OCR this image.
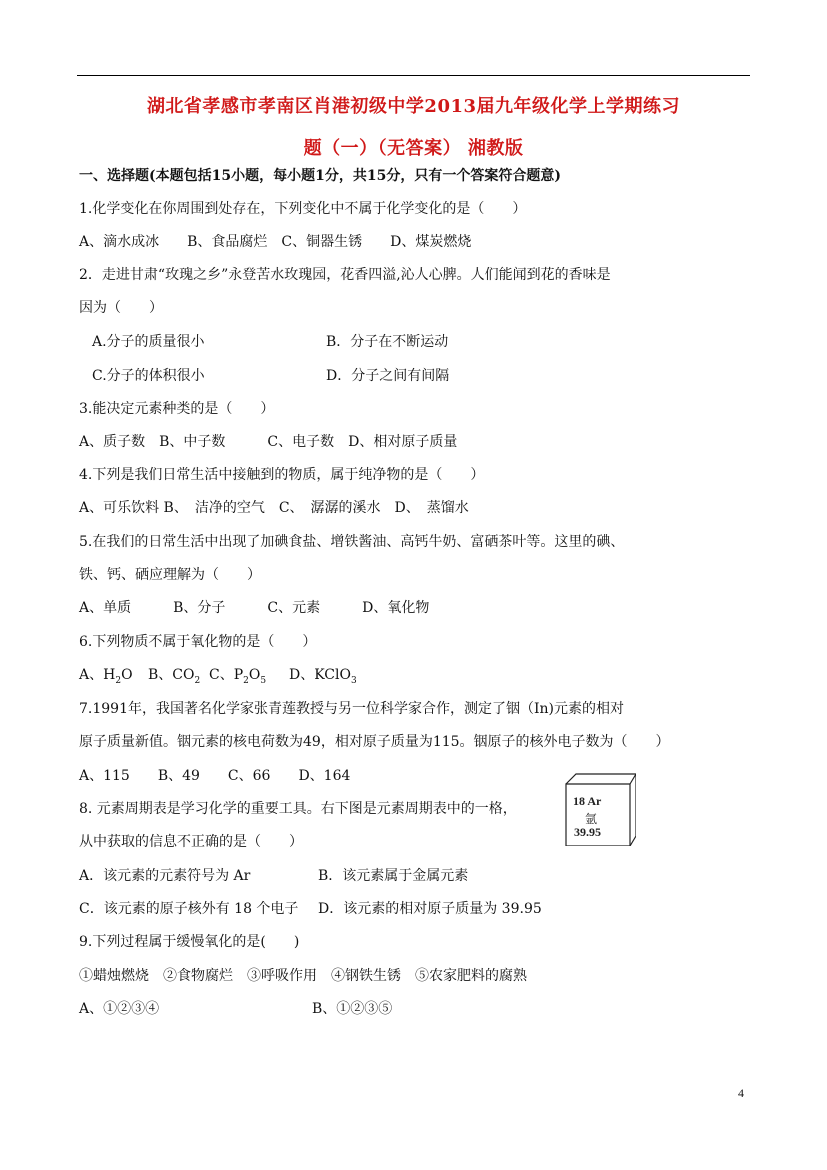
湖北省孝感市孝南区肖港初级中学2013届九年级化学上学期练习
题（一）（无答案） 湘教版
一、选择题(本题包括15小题，每小题1分，共15分，只有一个答案符合题意)
1.化学变化在你周围到处存在，下列变化中不属于化学变化的是（　　）
A、滴水成冰　　B、食品腐烂　C、铜器生锈　　D、煤炭燃烧
2．走进甘肃“玫瑰之乡”永登苦水玫瑰园，花香四溢,沁人心脾。人们能闻到花的香味是
因为（　　）
A.分子的质量很小	B．分子在不断运动
C.分子的体积很小	D．分子之间有间隔
3.能决定元素种类的是（　　）
A、质子数　B、中子数　　　C、电子数　D、相对原子质量
4.下列是我们日常生活中接触到的物质，属于纯净物的是（　　）
A、可乐饮料 B、　洁净的空气　C、　潺潺的溪水　D、　蒸馏水
5.在我们的日常生活中出现了加碘食盐、增铁酱油、高钙牛奶、富硒茶叶等。这里的碘、
铁、钙、硒应理解为（　　）
A、单质　　　B、分子　　　C、元素　　　D、氧化物
6.下列物质不属于氧化物的是（　　）
A、$H_2O$ B、$CO_2$ C、$P_2O_5$ D、KClO$_3$
7.1991年，我国著名化学家张青莲教授与另一位科学家合作，测定了铟（In)元素的相对
原子质量新值。铟元素的核电荷数为49，相对原子质量为115。铟原子的核外电子数为（　　）
A、115　　B、49　　C、66　　D、164
8. 元素周期表是学习化学的重要工具。右下图是元素周期表中的一格，
从中获取的信息不正确的是（　　）
18 Ar
氩
39.95
A．该元素的元素符号为 Ar	B．该元素属于金属元素
C．该元素的原子核外有 18 个电子 D．该元素的相对原子质量为 39.95
9.下列过程属于缓慢氧化的是(　　)
①蜡烛燃烧　②食物腐烂　③呼吸作用　④钢铁生锈　⑤农家肥料的腐熟
A、①②③④	B、①②③⑤
4
